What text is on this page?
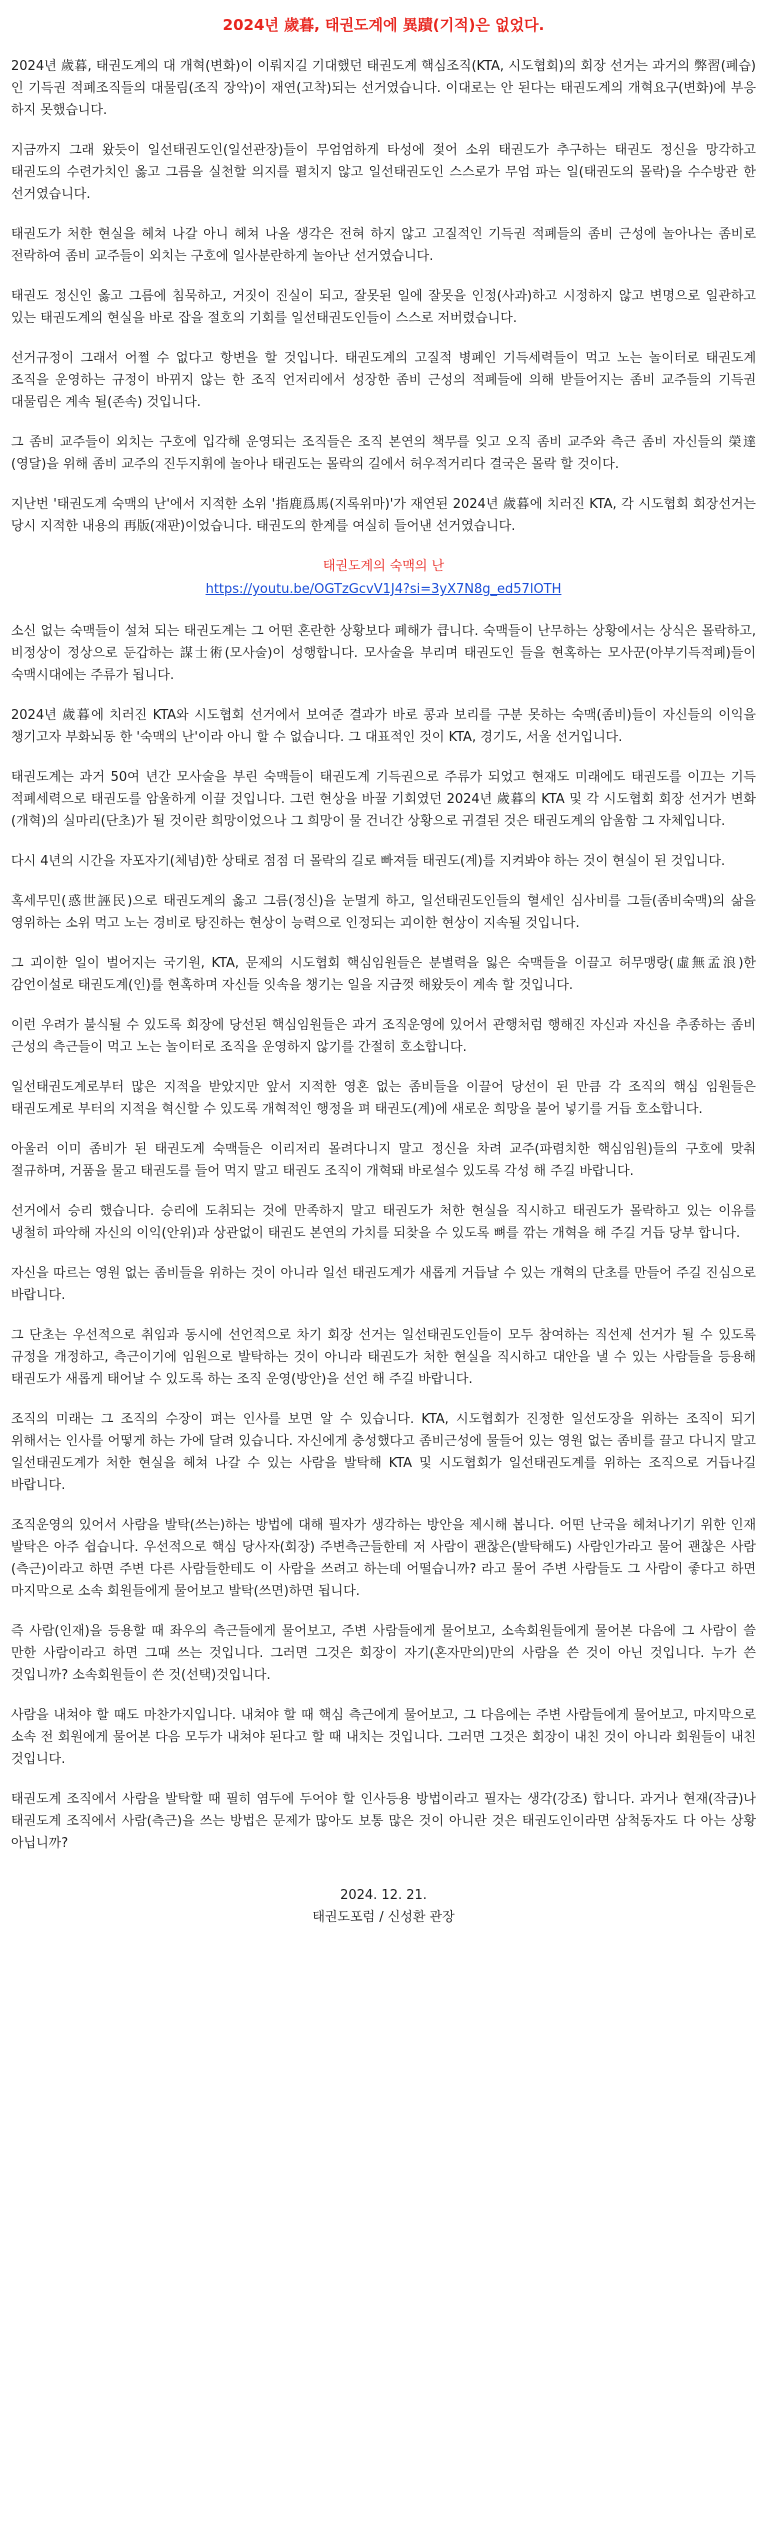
2024년 歲暮, 태권도계에 異蹟(기적)은 없었다.

2024년 歲暮, 태권도계의 대 개혁(변화)이 이뤄지길 기대했던 태권도계 핵심조직(KTA, 시도협회)의 회장 선거는 과거의 弊習(폐습)인 기득권 적폐조직들의 대물림(조직 장악)이 재연(고착)되는 선거였습니다. 이대로는 안 된다는 태권도계의 개혁요구(변화)에 부응 하지 못했습니다.

지금까지 그래 왔듯이 일선태권도인(일선관장)들이 무엄엄하게 타성에 젖어 소위 태권도가 추구하는 태권도 정신을 망각하고 태권도의 수련가치인 옳고 그름을 실천할 의지를 펼치지 않고 일선태권도인 스스로가 무엄 파는 일(태권도의 몰락)을 수수방관 한 선거였습니다.

태권도가 처한 현실을 헤쳐 나갈 아니 헤쳐 나올 생각은 전혀 하지 않고 고질적인 기득권 적폐들의 좀비 근성에 놀아나는 좀비로 전락하여 좀비 교주들이 외치는 구호에 일사분란하게 놀아난 선거였습니다.

태권도 정신인 옳고 그름에 침묵하고, 거짓이 진실이 되고, 잘못된 일에 잘못을 인정(사과)하고 시정하지 않고 변명으로 일관하고 있는 태권도계의 현실을 바로 잡을 절호의 기회를 일선태권도인들이 스스로 저버렸습니다.

선거규정이 그래서 어쩔 수 없다고 항변을 할 것입니다. 태권도계의 고질적 병폐인 기득세력들이 먹고 노는 놀이터로 태권도계 조직을 운영하는 규정이 바뀌지 않는 한 조직 언저리에서 성장한 좀비 근성의 적폐들에 의해 받들어지는 좀비 교주들의 기득권 대물림은 계속 될(존속) 것입니다.

그 좀비 교주들이 외치는 구호에 입각해 운영되는 조직들은 조직 본연의 책무를 잊고 오직 좀비 교주와 측근 좀비 자신들의 榮達(영달)을 위해 좀비 교주의 진두지휘에 놀아나 태권도는 몰락의 길에서 허우적거리다 결국은 몰락 할 것이다.

지난번 '태권도계 숙맥의 난'에서 지적한 소위 '指鹿爲馬(지록위마)'가 재연된 2024년 歲暮에 치러진 KTA, 각 시도협회 회장선거는 당시 지적한 내용의 再版(재판)이었습니다. 태권도의 한계를 여실히 들어낸 선거였습니다.

태권도계의 숙맥의 난
https://youtu.be/OGTzGcvV1J4?si=3yX7N8g_ed57lOTH

소신 없는 숙맥들이 설쳐 되는 태권도계는 그 어떤 혼란한 상황보다 폐해가 큽니다. 숙맥들이 난무하는 상황에서는 상식은 몰락하고, 비정상이 정상으로 둔갑하는 謀士術(모사술)이 성행합니다. 모사술을 부리며 태권도인 들을 현혹하는 모사꾼(아부기득적폐)들이 숙맥시대에는 주류가 됩니다.

2024년 歲暮에 치러진 KTA와 시도협회 선거에서 보여준 결과가 바로 콩과 보리를 구분 못하는 숙맥(좀비)들이 자신들의 이익을 챙기고자 부화뇌동 한 '숙맥의 난'이라 아니 할 수 없습니다. 그 대표적인 것이 KTA, 경기도, 서울 선거입니다.

태권도계는 과거 50여 년간 모사술을 부린 숙맥들이 태권도계 기득권으로 주류가 되었고 현재도 미래에도 태권도를 이끄는 기득 적폐세력으로 태권도를 암울하게 이끌 것입니다. 그런 현상을 바꿀 기회였던 2024년 歲暮의 KTA 및 각 시도협회 회장 선거가 변화(개혁)의 실마리(단초)가 될 것이란 희망이었으나 그 희망이 물 건너간 상황으로 귀결된 것은 태권도계의 암울함 그 자체입니다.

다시 4년의 시간을 자포자기(체념)한 상태로 점점 더 몰락의 길로 빠져들 태권도(계)를 지켜봐야 하는 것이 현실이 된 것입니다.

혹세무민(惑世誣民)으로 태권도계의 옳고 그름(정신)을 눈멀게 하고, 일선태권도인들의 혈세인 심사비를 그들(좀비숙맥)의 삶을 영위하는 소위 먹고 노는 경비로 탕진하는 현상이 능력으로 인정되는 괴이한 현상이 지속될 것입니다.

그 괴이한 일이 벌어지는 국기원, KTA, 문제의 시도협회 핵심임원들은 분별력을 잃은 숙맥들을 이끌고 허무맹랑(虛無孟浪)한 감언이설로 태권도계(인)를 현혹하며 자신들 잇속을 챙기는 일을 지금껏 해왔듯이 계속 할 것입니다.

이런 우려가 불식될 수 있도록 회장에 당선된 핵심임원들은 과거 조직운영에 있어서 관행처럼 행해진 자신과 자신을 추종하는 좀비 근성의 측근들이 먹고 노는 놀이터로 조직을 운영하지 않기를 간절히 호소합니다.

일선태권도계로부터 많은 지적을 받았지만 앞서 지적한 영혼 없는 좀비들을 이끌어 당선이 된 만큼 각 조직의 핵심 임원들은 태권도계로 부터의 지적을 혁신할 수 있도록 개혁적인 행정을 펴 태권도(계)에 새로운 희망을 불어 넣기를 거듭 호소합니다.

아울러 이미 좀비가 된 태권도계 숙맥들은 이리저리 몰려다니지 말고 정신을 차려 교주(파렴치한 핵심임원)들의 구호에 맞춰 절규하며, 거품을 물고 태권도를 들어 먹지 말고 태권도 조직이 개혁돼 바로설수 있도록 각성 해 주길 바랍니다.

선거에서 승리 했습니다. 승리에 도취되는 것에 만족하지 말고 태권도가 처한 현실을 직시하고 태권도가 몰락하고 있는 이유를 냉철히 파악해 자신의 이익(안위)과 상관없이 태권도 본연의 가치를 되찾을 수 있도록 뼈를 깎는 개혁을 해 주길 거듭 당부 합니다.

자신을 따르는 영원 없는 좀비들을 위하는 것이 아니라 일선 태권도계가 새롭게 거듭날 수 있는 개혁의 단초를 만들어 주길 진심으로 바랍니다.

그 단초는 우선적으로 취임과 동시에 선언적으로 차기 회장 선거는 일선태권도인들이 모두 참여하는 직선제 선거가 될 수 있도록 규정을 개정하고, 측근이기에 임원으로 발탁하는 것이 아니라 태권도가 처한 현실을 직시하고 대안을 낼 수 있는 사람들을 등용해 태권도가 새롭게 태어날 수 있도록 하는 조직 운영(방안)을 선언 해 주길 바랍니다.

조직의 미래는 그 조직의 수장이 펴는 인사를 보면 알 수 있습니다. KTA, 시도협회가 진정한 일선도장을 위하는 조직이 되기 위해서는 인사를 어떻게 하는 가에 달려 있습니다. 자신에게 충성했다고 좀비근성에 물들어 있는 영원 없는 좀비를 끌고 다니지 말고 일선태권도계가 처한 현실을 헤쳐 나갈 수 있는 사람을 발탁해 KTA 및 시도협회가 일선태권도계를 위하는 조직으로 거듭나길 바랍니다.

조직운영의 있어서 사람을 발탁(쓰는)하는 방법에 대해 필자가 생각하는 방안을 제시해 봅니다. 어떤 난국을 헤쳐나기기 위한 인재 발탁은 아주 쉽습니다. 우선적으로 핵심 당사자(회장) 주변측근들한테 저 사람이 괜찮은(발탁해도) 사람인가라고 물어 괜찮은 사람(측근)이라고 하면 주변 다른 사람들한테도 이 사람을 쓰려고 하는데 어떨습니까? 라고 물어 주변 사람들도 그 사람이 좋다고 하면 마지막으로 소속 회원들에게 물어보고 발탁(쓰면)하면 됩니다.

즉 사람(인재)을 등용할 때 좌우의 측근들에게 물어보고, 주변 사람들에게 물어보고, 소속회원들에게 물어본 다음에 그 사람이 쓸 만한 사람이라고 하면 그때 쓰는 것입니다. 그러면 그것은 회장이 자기(혼자만의)만의 사람을 쓴 것이 아닌 것입니다. 누가 쓴 것입니까? 소속회원들이 쓴 것(선택)것입니다.

사람을 내쳐야 할 때도 마찬가지입니다. 내쳐야 할 때 핵심 측근에게 물어보고, 그 다음에는 주변 사람들에게 물어보고, 마지막으로 소속 전 회원에게 물어본 다음 모두가 내쳐야 된다고 할 때 내치는 것입니다. 그러면 그것은 회장이 내친 것이 아니라 회원들이 내친 것입니다.

태권도계 조직에서 사람을 발탁할 때 필히 염두에 두어야 할 인사등용 방법이라고 필자는 생각(강조) 합니다. 과거나 현재(작금)나 태권도계 조직에서 사람(측근)을 쓰는 방법은 문제가 많아도 보통 많은 것이 아니란 것은 태권도인이라면 삼척동자도 다 아는 상황 아닙니까?

2024. 12. 21.
태권도포럼 / 신성환 관장
